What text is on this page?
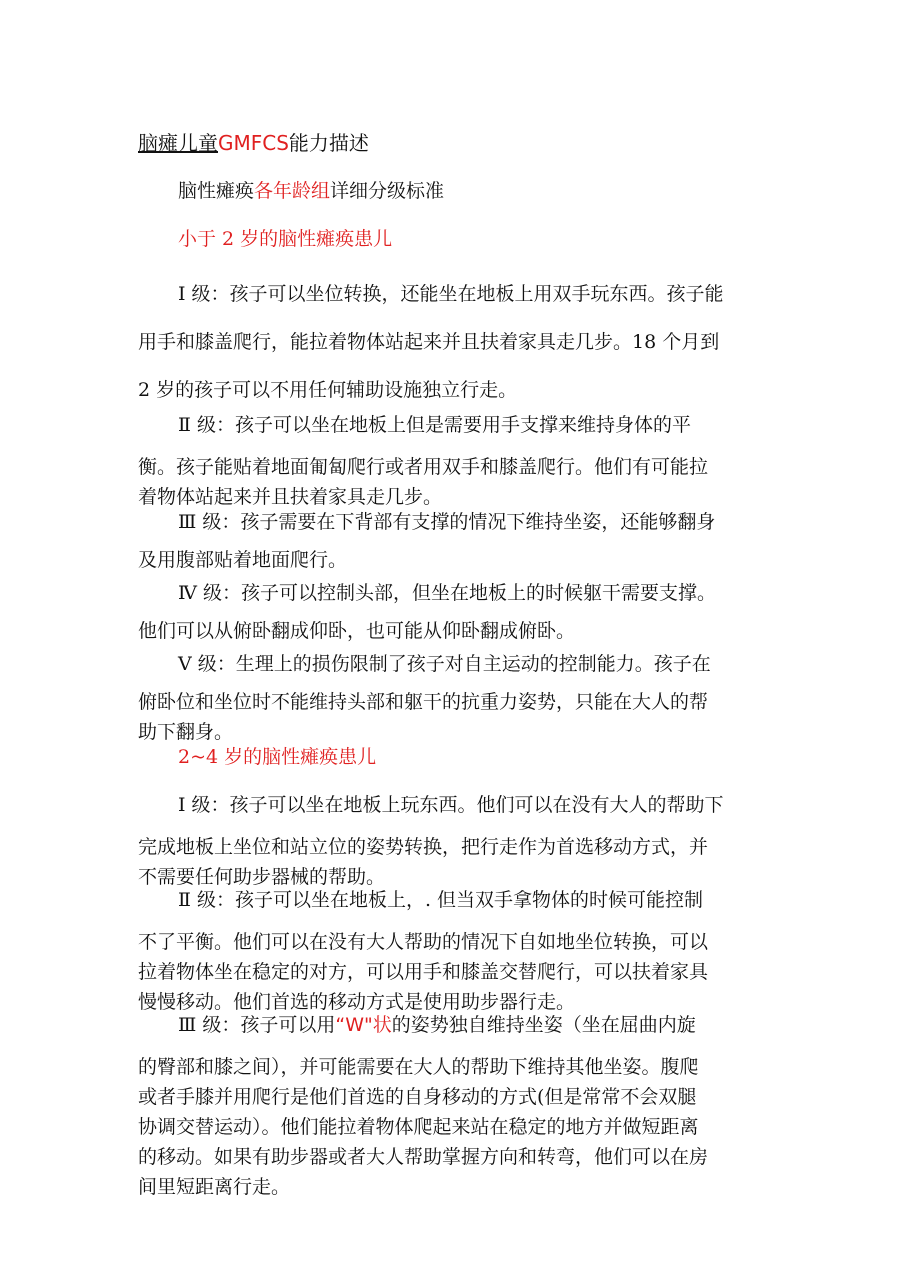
脑瘫儿童GMFCS能力描述
脑性瘫痪各年龄组详细分级标准
小于 2 岁的脑性瘫痪患儿
I 级：孩子可以坐位转换，还能坐在地板上用双手玩东西。孩子能
用手和膝盖爬行，能拉着物体站起来并且扶着家具走几步。18 个月到
2 岁的孩子可以不用任何辅助设施独立行走。
Ⅱ 级：孩子可以坐在地板上但是需要用手支撑来维持身体的平
衡。孩子能贴着地面匍匐爬行或者用双手和膝盖爬行。他们有可能拉
着物体站起来并且扶着家具走几步。
Ⅲ 级：孩子需要在下背部有支撑的情况下维持坐姿，还能够翻身
及用腹部贴着地面爬行。
Ⅳ 级：孩子可以控制头部，但坐在地板上的时候躯干需要支撑。
他们可以从俯卧翻成仰卧，也可能从仰卧翻成俯卧。
V 级：生理上的损伤限制了孩子对自主运动的控制能力。孩子在
俯卧位和坐位时不能维持头部和躯干的抗重力姿势，只能在大人的帮
助下翻身。
2~4 岁的脑性瘫痪患儿
I 级：孩子可以坐在地板上玩东西。他们可以在没有大人的帮助下
完成地板上坐位和站立位的姿势转换，把行走作为首选移动方式，并
不需要任何助步器械的帮助。
Ⅱ 级：孩子可以坐在地板上，. 但当双手拿物体的时候可能控制
不了平衡。他们可以在没有大人帮助的情况下自如地坐位转换，可以
拉着物体坐在稳定的对方，可以用手和膝盖交替爬行，可以扶着家具
慢慢移动。他们首选的移动方式是使用助步器行走。
Ⅲ 级：孩子可以用“W"状的姿势独自维持坐姿（坐在屈曲内旋
的臀部和膝之间），并可能需要在大人的帮助下维持其他坐姿。腹爬
或者手膝并用爬行是他们首选的自身移动的方式(但是常常不会双腿
协调交替运动）。他们能拉着物体爬起来站在稳定的地方并做短距离
的移动。如果有助步器或者大人帮助掌握方向和转弯，他们可以在房
间里短距离行走。
